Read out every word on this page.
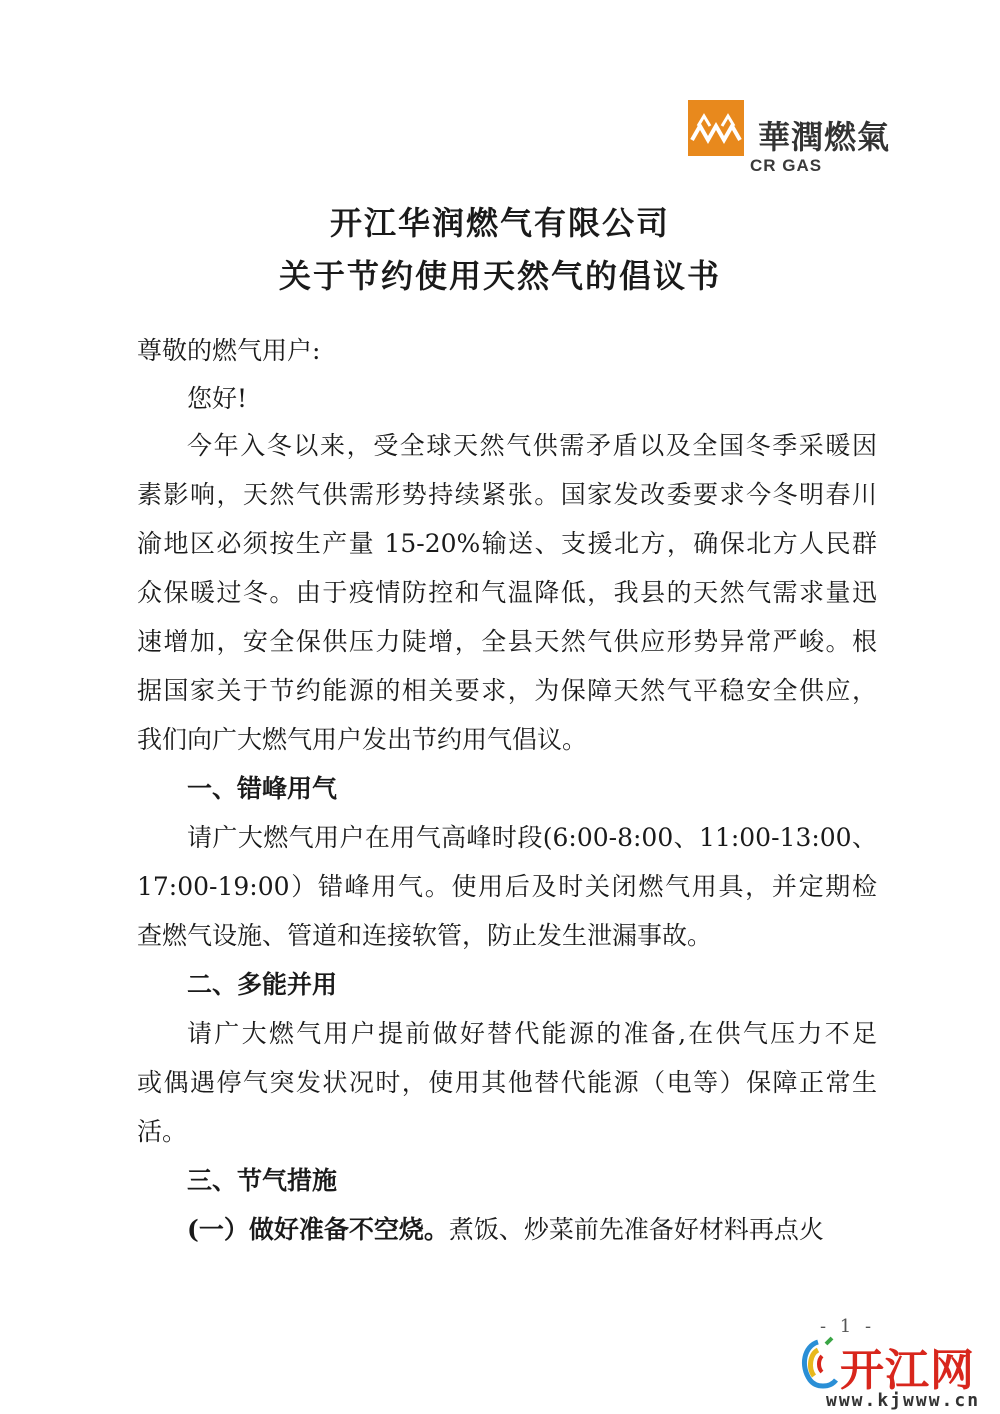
華潤燃氣
CR GAS
开江华润燃气有限公司
关于节约使用天然气的倡议书
尊敬的燃气用户:
您好!
今年入冬以来，受全球天然气供需矛盾以及全国冬季采暖因
素影响，天然气供需形势持续紧张。国家发改委要求今冬明春川
渝地区必须按生产量 15-20%输送、支援北方，确保北方人民群
众保暖过冬。由于疫情防控和气温降低，我县的天然气需求量迅
速增加，安全保供压力陡增，全县天然气供应形势异常严峻。根
据国家关于节约能源的相关要求，为保障天然气平稳安全供应，
我们向广大燃气用户发出节约用气倡议。
一、错峰用气
请广大燃气用户在用气高峰时段(6:00-8:00、11:00-13:00、
17:00-19:00）错峰用气。使用后及时关闭燃气用具，并定期检
查燃气设施、管道和连接软管，防止发生泄漏事故。
二、多能并用
请广大燃气用户提前做好替代能源的准备,在供气压力不足
或偶遇停气突发状况时，使用其他替代能源（电等）保障正常生
活。
三、节气措施
(一）做好准备不空烧。煮饭、炒菜前先准备好材料再点火
- 1 -
开江网
www.kjwww.cn
